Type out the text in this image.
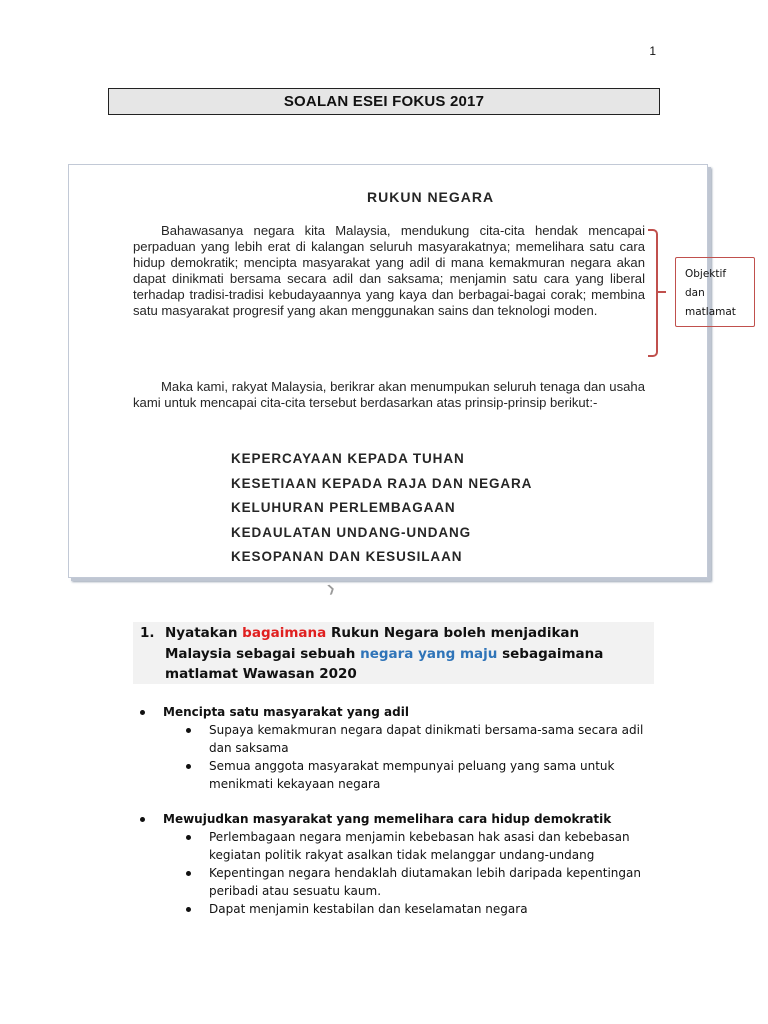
1
SOALAN ESEI FOKUS 2017
RUKUN NEGARA

Bahawasanya negara kita Malaysia, mendukung cita-cita hendak mencapai perpaduan yang lebih erat di kalangan seluruh masyarakatnya; memelihara satu cara hidup demokratik; mencipta masyarakat yang adil di mana kemakmuran negara akan dapat dinikmati bersama secara adil dan saksama; menjamin satu cara yang liberal terhadap tradisi-tradisi kebudayaannya yang kaya dan berbagai-bagai corak; membina satu masyarakat progresif yang akan menggunakan sains dan teknologi moden.

Maka kami, rakyat Malaysia, berikrar akan menumpukan seluruh tenaga dan usaha kami untuk mencapai cita-cita tersebut berdasarkan atas prinsip-prinsip berikut:-

KEPERCAYAAN KEPADA TUHAN
KESETIAAN KEPADA RAJA DAN NEGARA
KELUHURAN PERLEMBAGAAN
KEDAULATAN UNDANG-UNDANG
KESOPANAN DAN KESUSILAAN
Objektif
dan
matlamat
❯
1. Nyatakan bagaimana Rukun Negara boleh menjadikan Malaysia sebagai sebuah negara yang maju sebagaimana matlamat Wawasan 2020
Mencipta satu masyarakat yang adil
Supaya kemakmuran negara dapat dinikmati bersama-sama secara adil dan saksama
Semua anggota masyarakat mempunyai peluang yang sama untuk menikmati kekayaan negara
Mewujudkan masyarakat yang memelihara cara hidup demokratik
Perlembagaan negara menjamin kebebasan hak asasi dan kebebasan kegiatan politik rakyat asalkan tidak melanggar undang-undang
Kepentingan negara hendaklah diutamakan lebih daripada kepentingan peribadi atau sesuatu kaum.
Dapat menjamin kestabilan dan keselamatan negara
